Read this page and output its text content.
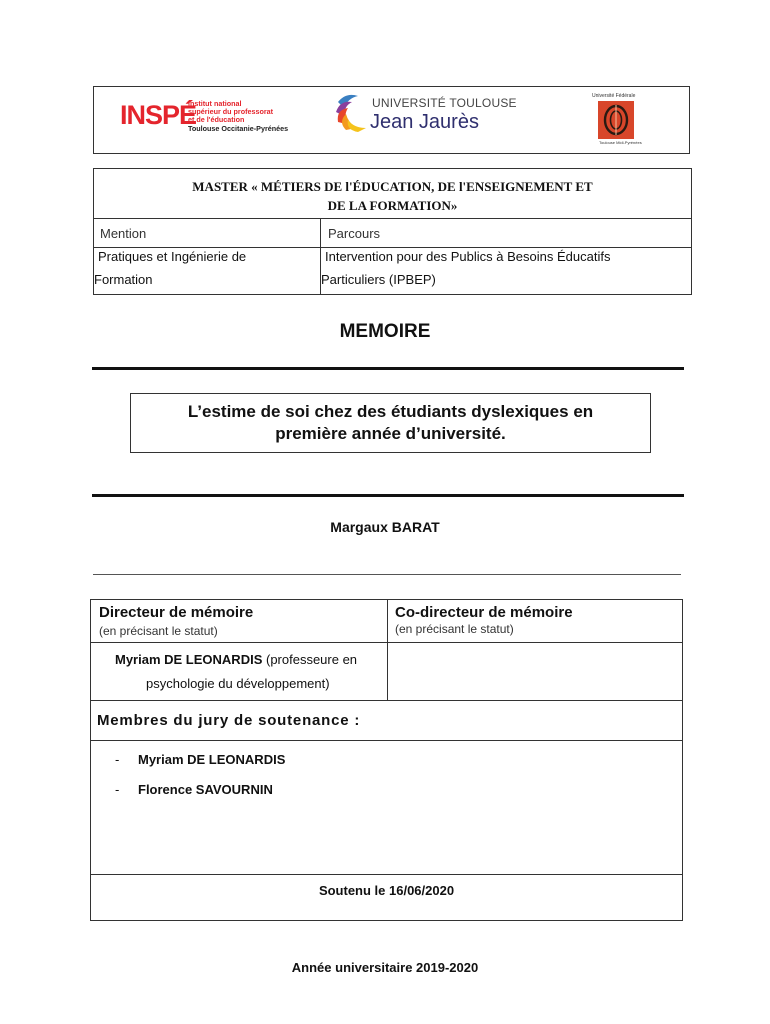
INSPÉ
Institut national
supérieur du professorat
et de l'éducation
Toulouse Occitanie-Pyrénées
UNIVERSITÉ TOULOUSE
Jean Jaurès
Université Fédérale
Toulouse Midi-Pyrénées
MASTER « MÉTIERS DE l'ÉDUCATION, DE l'ENSEIGNEMENT ET
DE LA FORMATION»
Mention	Parcours
Pratiques et Ingénierie de
Formation
Intervention pour des Publics à Besoins Éducatifs
Particuliers (IPBEP)
MEMOIRE
L’estime de soi chez des étudiants dyslexiques en
première année d’université.
Margaux BARAT
Directeur de mémoire
(en précisant le statut)
Co-directeur de mémoire
(en précisant le statut)
Myriam DE LEONARDIS (professeure en
psychologie du développement)
Membres du jury de soutenance :
- Myriam DE LEONARDIS
- Florence SAVOURNIN
Soutenu le 16/06/2020
Année universitaire 2019-2020
